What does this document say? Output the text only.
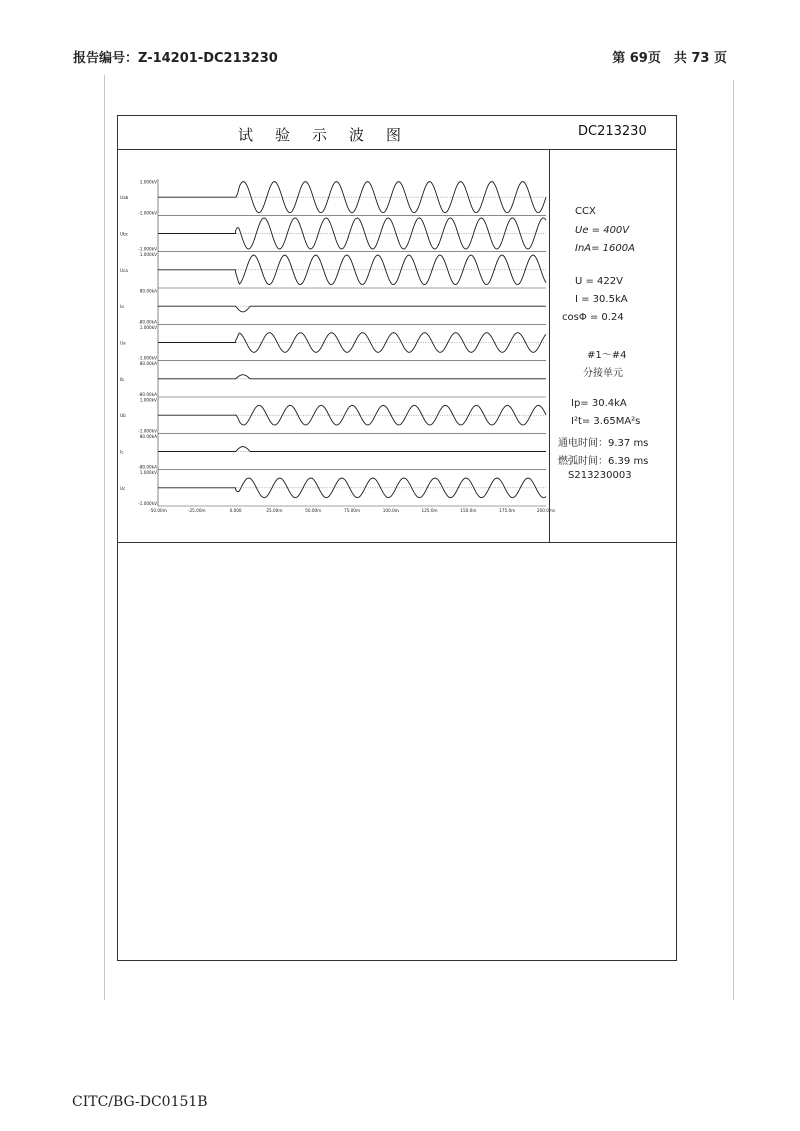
报告编号：Z-14201-DC213230	第 69页　共 73 页
试验示波图	DC213230
1.000kV
-1.000kV
Uab
-1.000kV
Ubc
1.000kV
Uca
80.00kA
-80.00kA
Ia
1.000kV
-1.000kV
Ua
80.00kA
-80.00kA
Ib
1.000kV
-1.000kV
Ub
80.00kA
-80.00kA
Ic
1.000kV
-1.000kV
Uc
-50.00m	-25.00m	0.000	25.00m	50.00m	75.00m	100.0m	125.0m	150.0m	175.0m	200.0ms
CCX
Ue = 400V
InA= 1600A
U = 422V
I = 30.5kA
cosΦ = 0.24
#1～#4
分接单元
Ip= 30.4kA
I²t= 3.65MA²s
通电时间：9.37 ms
燃弧时间：6.39 ms
S213230003
CITC/BG-DC0151B
